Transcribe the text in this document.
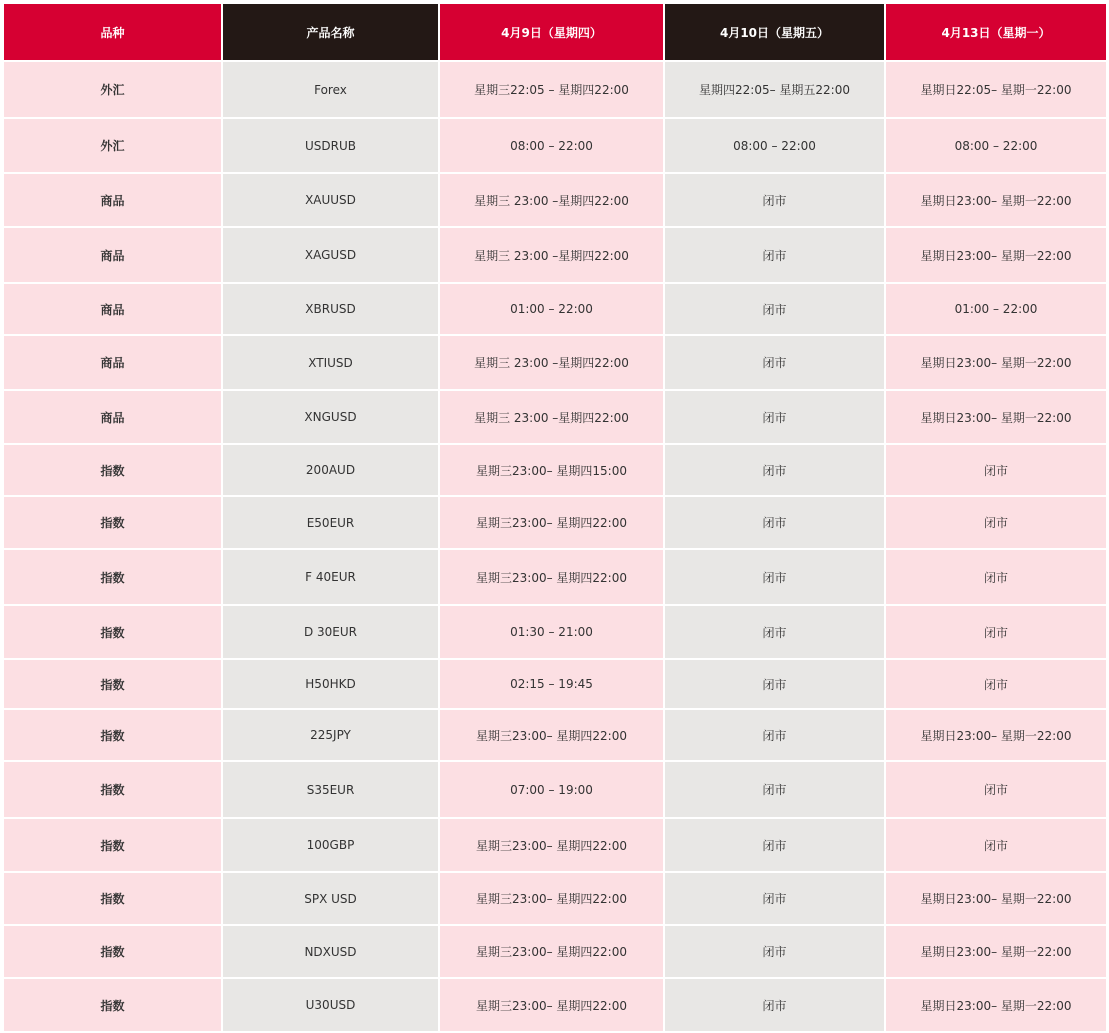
品种	产品名称	4月9日（星期四）	4月10日（星期五）	4月13日（星期一）
外汇	Forex	星期三22:05 – 星期四22:00	星期四22:05– 星期五22:00	星期日22:05– 星期一22:00
外汇	USDRUB	08:00 – 22:00	08:00 – 22:00	08:00 – 22:00
商品	XAUUSD	星期三 23:00 –星期四22:00	闭市	星期日23:00– 星期一22:00
商品	XAGUSD	星期三 23:00 –星期四22:00	闭市	星期日23:00– 星期一22:00
商品	XBRUSD	01:00 – 22:00	闭市	01:00 – 22:00
商品	XTIUSD	星期三 23:00 –星期四22:00	闭市	星期日23:00– 星期一22:00
商品	XNGUSD	星期三 23:00 –星期四22:00	闭市	星期日23:00– 星期一22:00
指数	200AUD	星期三23:00– 星期四15:00	闭市	闭市
指数	E50EUR	星期三23:00– 星期四22:00	闭市	闭市
指数	F 40EUR	星期三23:00– 星期四22:00	闭市	闭市
指数	D 30EUR	01:30 – 21:00	闭市	闭市
指数	H50HKD	02:15 – 19:45	闭市	闭市
指数	225JPY	星期三23:00– 星期四22:00	闭市	星期日23:00– 星期一22:00
指数	S35EUR	07:00 – 19:00	闭市	闭市
指数	100GBP	星期三23:00– 星期四22:00	闭市	闭市
指数	SPX USD	星期三23:00– 星期四22:00	闭市	星期日23:00– 星期一22:00
指数	NDXUSD	星期三23:00– 星期四22:00	闭市	星期日23:00– 星期一22:00
指数	U30USD	星期三23:00– 星期四22:00	闭市	星期日23:00– 星期一22:00
